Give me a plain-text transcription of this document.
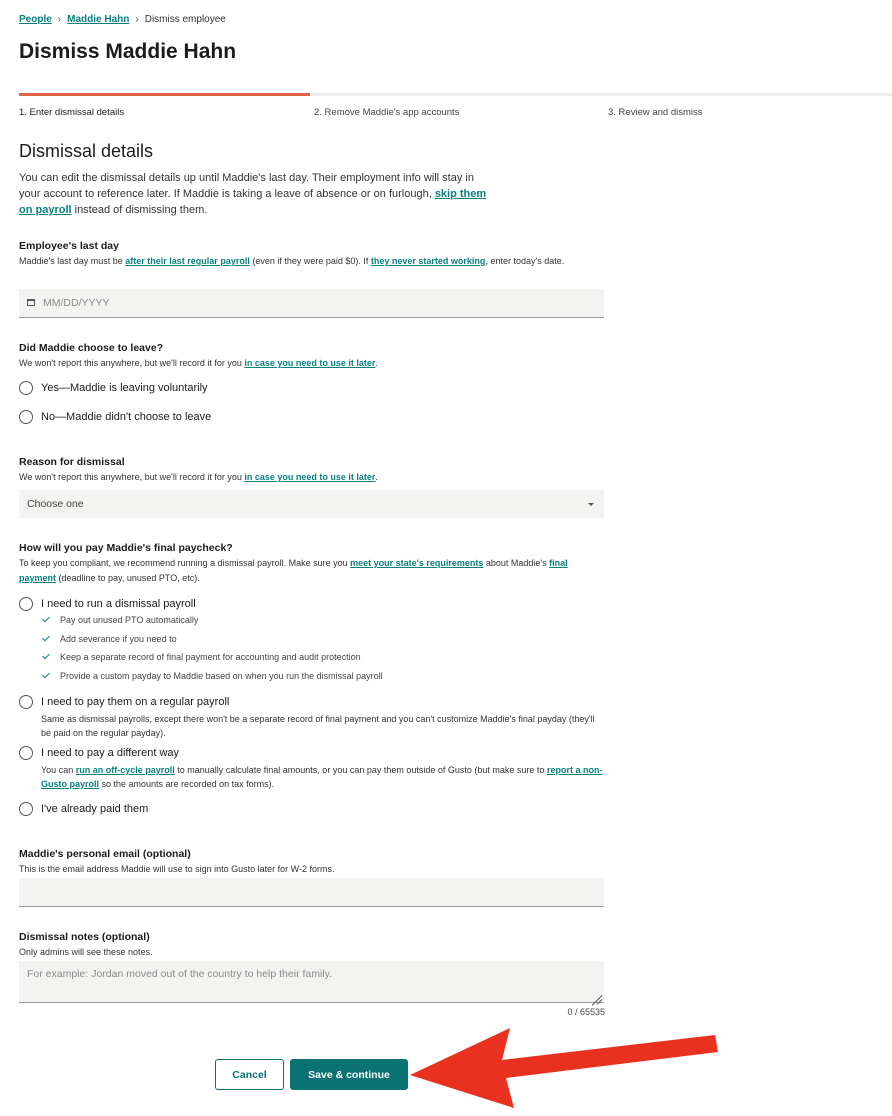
People › Maddie Hahn › Dismiss employee
Dismiss Maddie Hahn
1. Enter dismissal details	2. Remove Maddie's app accounts	3. Review and dismiss
Dismissal details
You can edit the dismissal details up until Maddie's last day. Their employment info will stay in your account to reference later. If Maddie is taking a leave of absence or on furlough, skip them on payroll instead of dismissing them.
Employee's last day
Maddie's last day must be after their last regular payroll (even if they were paid $0). If they never started working, enter today's date.
MM/DD/YYYY
Did Maddie choose to leave?
We won't report this anywhere, but we'll record it for you in case you need to use it later.
Yes—Maddie is leaving voluntarily
No—Maddie didn't choose to leave
Reason for dismissal
We won't report this anywhere, but we'll record it for you in case you need to use it later.
Choose one
How will you pay Maddie's final paycheck?
To keep you compliant, we recommend running a dismissal payroll. Make sure you meet your state's requirements about Maddie's final payment (deadline to pay, unused PTO, etc).
I need to run a dismissal payroll
Pay out unused PTO automatically
Add severance if you need to
Keep a separate record of final payment for accounting and audit protection
Provide a custom payday to Maddie based on when you run the dismissal payroll
I need to pay them on a regular payroll
Same as dismissal payrolls, except there won't be a separate record of final payment and you can't customize Maddie's final payday (they'll be paid on the regular payday).
I need to pay a different way
You can run an off-cycle payroll to manually calculate final amounts, or you can pay them outside of Gusto (but make sure to report a non-Gusto payroll so the amounts are recorded on tax forms).
I've already paid them
Maddie's personal email (optional)
This is the email address Maddie will use to sign into Gusto later for W-2 forms.
Dismissal notes (optional)
Only admins will see these notes.
For example: Jordan moved out of the country to help their family.
0 / 65535
Cancel	Save & continue
